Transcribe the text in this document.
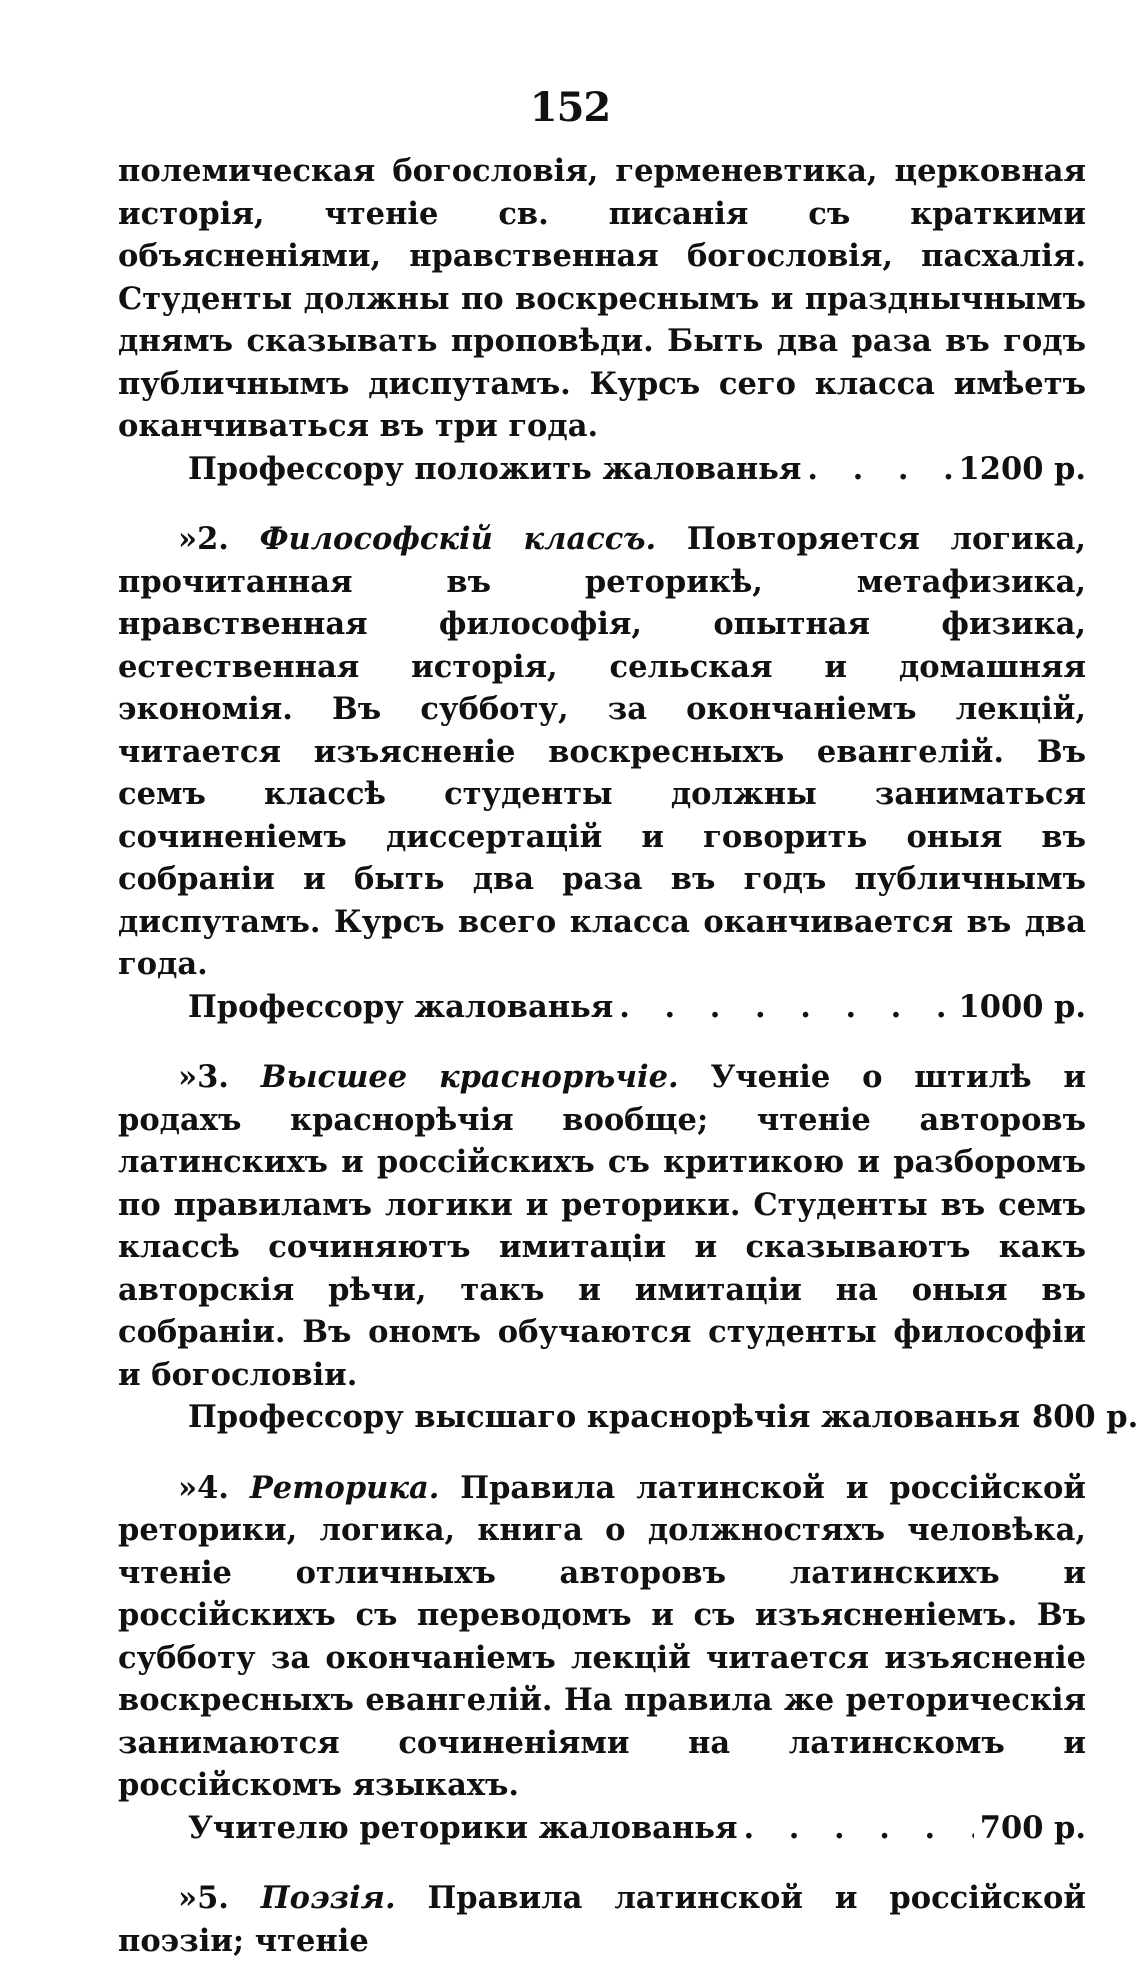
152

полемическая богословія, герменевтика, церковная исторія, чтеніе св. писанія съ краткими объясненіями, нравственная богословія, пасхалія. Студенты должны по воскреснымъ и празднычнымъ днямъ сказывать проповѣди. Быть два раза въ годъ публичнымъ диспутамъ. Курсъ сего класса имѣетъ оканчиваться въ три года.

Профессору положить жалованья . . .	1200 р.

»2. Философскій классъ. Повторяется логика, прочитанная въ реторикѣ, метафизика, нравственная философія, опытная физика, естественная исторія, сельская и домашняя экономія. Въ субботу, за окончаніемъ лекцій, читается изъясненіе воскресныхъ евангелій. Въ семъ классѣ студенты должны заниматься сочиненіемъ диссертацій и говорить оныя въ собраніи и быть два раза въ годъ публичнымъ диспутамъ. Курсъ всего класса оканчивается въ два года.

Профессору жалованья . . .	1000 р.

»3. Высшее краснорѣчіе. Ученіе о штилѣ и родахъ краснорѣчія вообще; чтеніе авторовъ латинскихъ и россійскихъ съ критикою и разборомъ по правиламъ логики и реторики. Студенты въ семъ классѣ сочиняютъ имитаціи и сказываютъ какъ авторскія рѣчи, такъ и имитаціи на оныя въ собраніи. Въ ономъ обучаются студенты философіи и богословіи.

Профессору высшаго краснорѣчія жалованья 800 р.

»4. Реторика. Правила латинской и россійской реторики, логика, книга о должностяхъ человѣка, чтеніе отличныхъ авторовъ латинскихъ и россійскихъ съ переводомъ и съ изъясненіемъ. Въ субботу за окончаніемъ лекцій читается изъясненіе воскресныхъ евангелій. На правила же реторическія занимаются сочиненіями на латинскомъ и россійскомъ языкахъ.

Учителю реторики жалованья . . .	700 р.

»5. Поэзія. Правила латинской и россійской поэзіи; чтеніе
